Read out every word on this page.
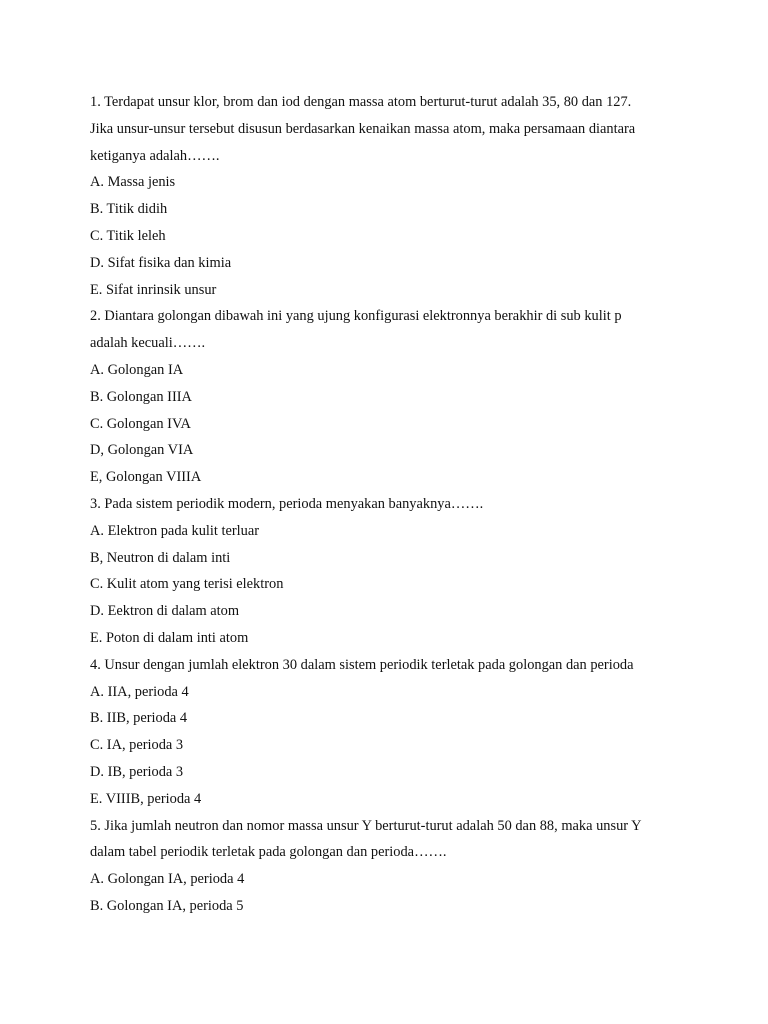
1. Terdapat unsur klor, brom dan iod dengan massa atom berturut-turut adalah 35, 80 dan 127.

Jika unsur-unsur tersebut disusun berdasarkan kenaikan massa atom, maka persamaan diantara

ketiganya adalah…….

A. Massa jenis

B. Titik didih

C. Titik leleh

D. Sifat fisika dan kimia

E. Sifat inrinsik unsur

2. Diantara golongan dibawah ini yang ujung konfigurasi elektronnya berakhir di sub kulit p

adalah kecuali…….

A. Golongan IA

B. Golongan IIIA

C. Golongan IVA

D, Golongan VIA

E, Golongan VIIIA

3. Pada sistem periodik modern, perioda menyakan banyaknya…….

A. Elektron pada kulit terluar

B, Neutron di dalam inti

C. Kulit atom yang terisi elektron

D. Eektron di dalam atom

E. Poton di dalam inti atom

4. Unsur dengan jumlah elektron 30 dalam sistem periodik terletak pada golongan dan perioda

A. IIA, perioda 4

B. IIB, perioda 4

C. IA, perioda 3

D. IB, perioda 3

E. VIIIB, perioda 4

5. Jika jumlah neutron dan nomor massa unsur Y berturut-turut adalah 50 dan 88, maka unsur Y

dalam tabel periodik terletak pada golongan dan perioda…….

A. Golongan IA, perioda 4

B. Golongan IA, perioda 5
